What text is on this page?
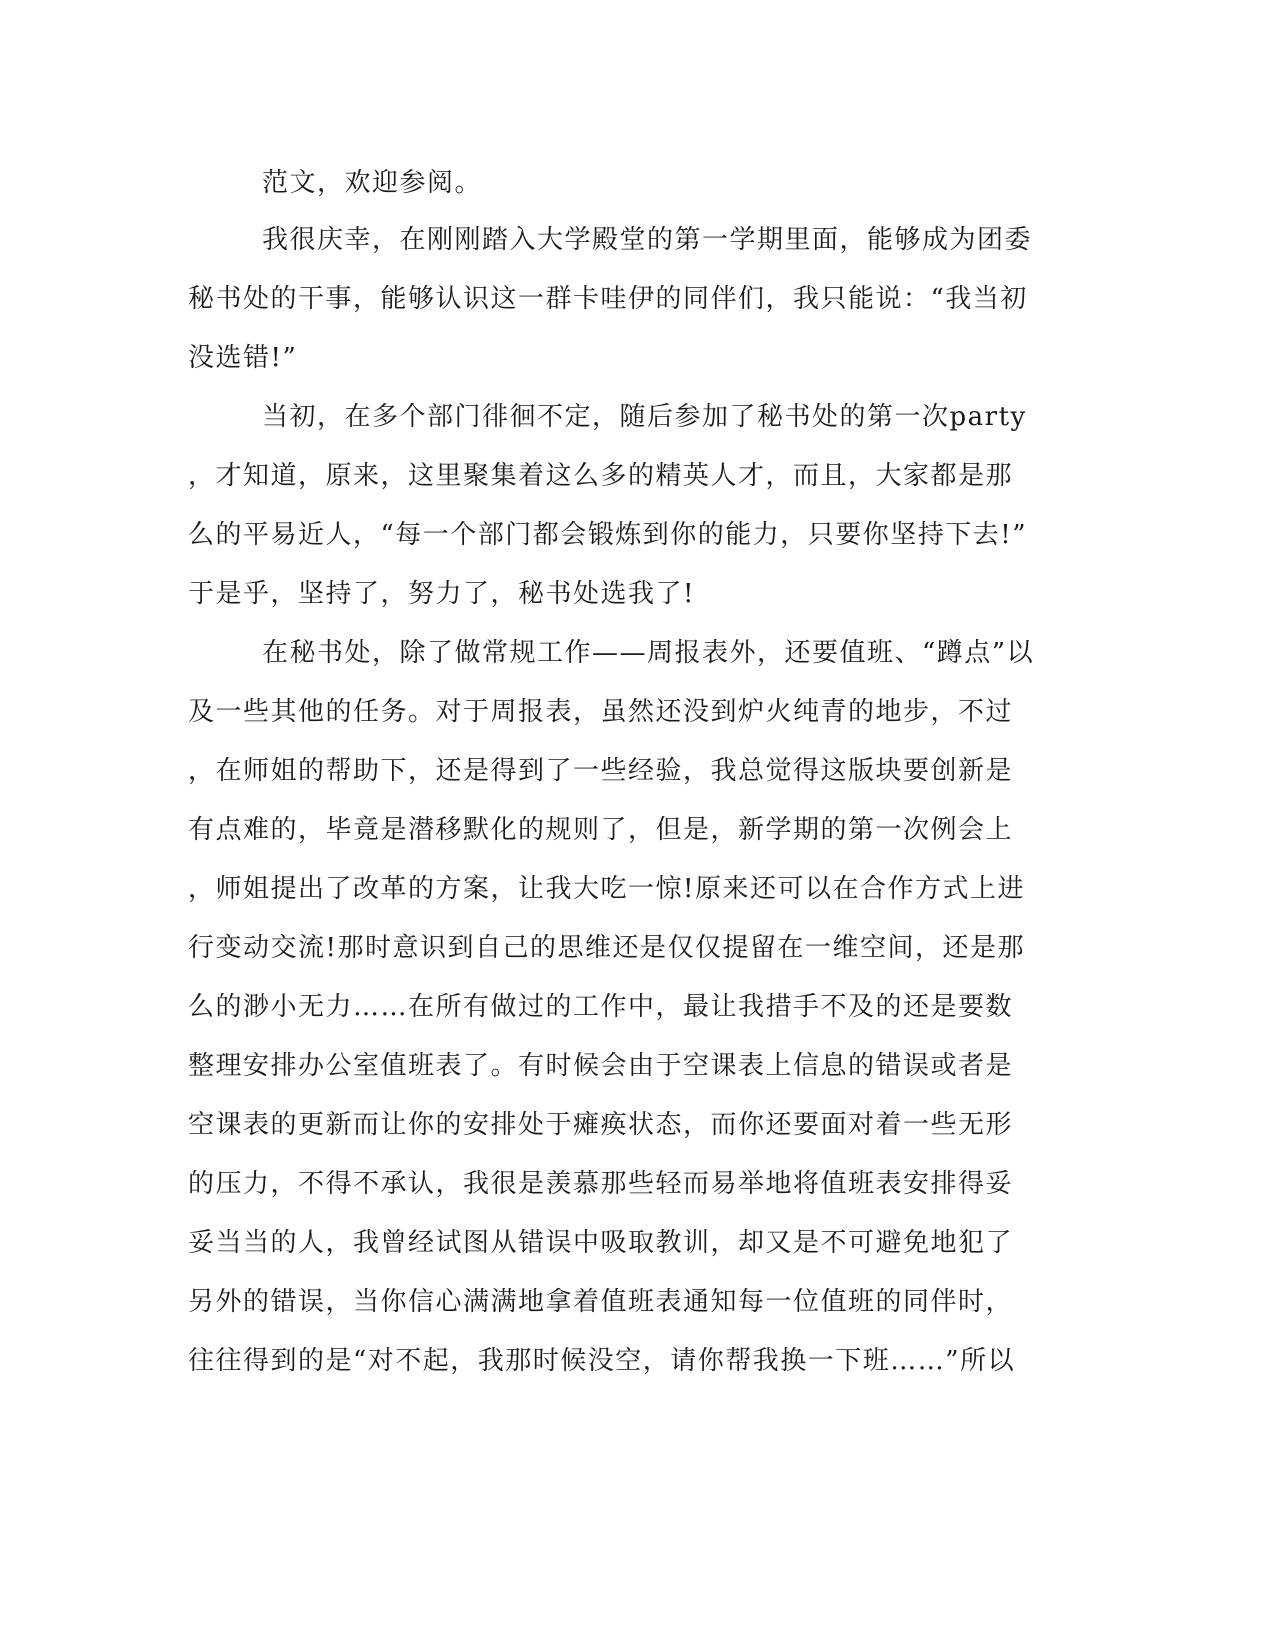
范文，欢迎参阅。

我很庆幸，在刚刚踏入大学殿堂的第一学期里面，能够成为团委

秘书处的干事，能够认识这一群卡哇伊的同伴们，我只能说：“我当初

没选错!”

当初，在多个部门徘徊不定，随后参加了秘书处的第一次party

，才知道，原来，这里聚集着这么多的精英人才，而且，大家都是那

么的平易近人，“每一个部门都会锻炼到你的能力，只要你坚持下去!”

于是乎，坚持了，努力了，秘书处选我了!

在秘书处，除了做常规工作——周报表外，还要值班、“蹲点”以

及一些其他的任务。对于周报表，虽然还没到炉火纯青的地步，不过

，在师姐的帮助下，还是得到了一些经验，我总觉得这版块要创新是

有点难的，毕竟是潜移默化的规则了，但是，新学期的第一次例会上

，师姐提出了改革的方案，让我大吃一惊!原来还可以在合作方式上进

行变动交流!那时意识到自己的思维还是仅仅提留在一维空间，还是那

么的渺小无力……在所有做过的工作中，最让我措手不及的还是要数

整理安排办公室值班表了。有时候会由于空课表上信息的错误或者是

空课表的更新而让你的安排处于瘫痪状态，而你还要面对着一些无形

的压力，不得不承认，我很是羡慕那些轻而易举地将值班表安排得妥

妥当当的人，我曾经试图从错误中吸取教训，却又是不可避免地犯了

另外的错误，当你信心满满地拿着值班表通知每一位值班的同伴时，

往往得到的是“对不起，我那时候没空，请你帮我换一下班……”所以
